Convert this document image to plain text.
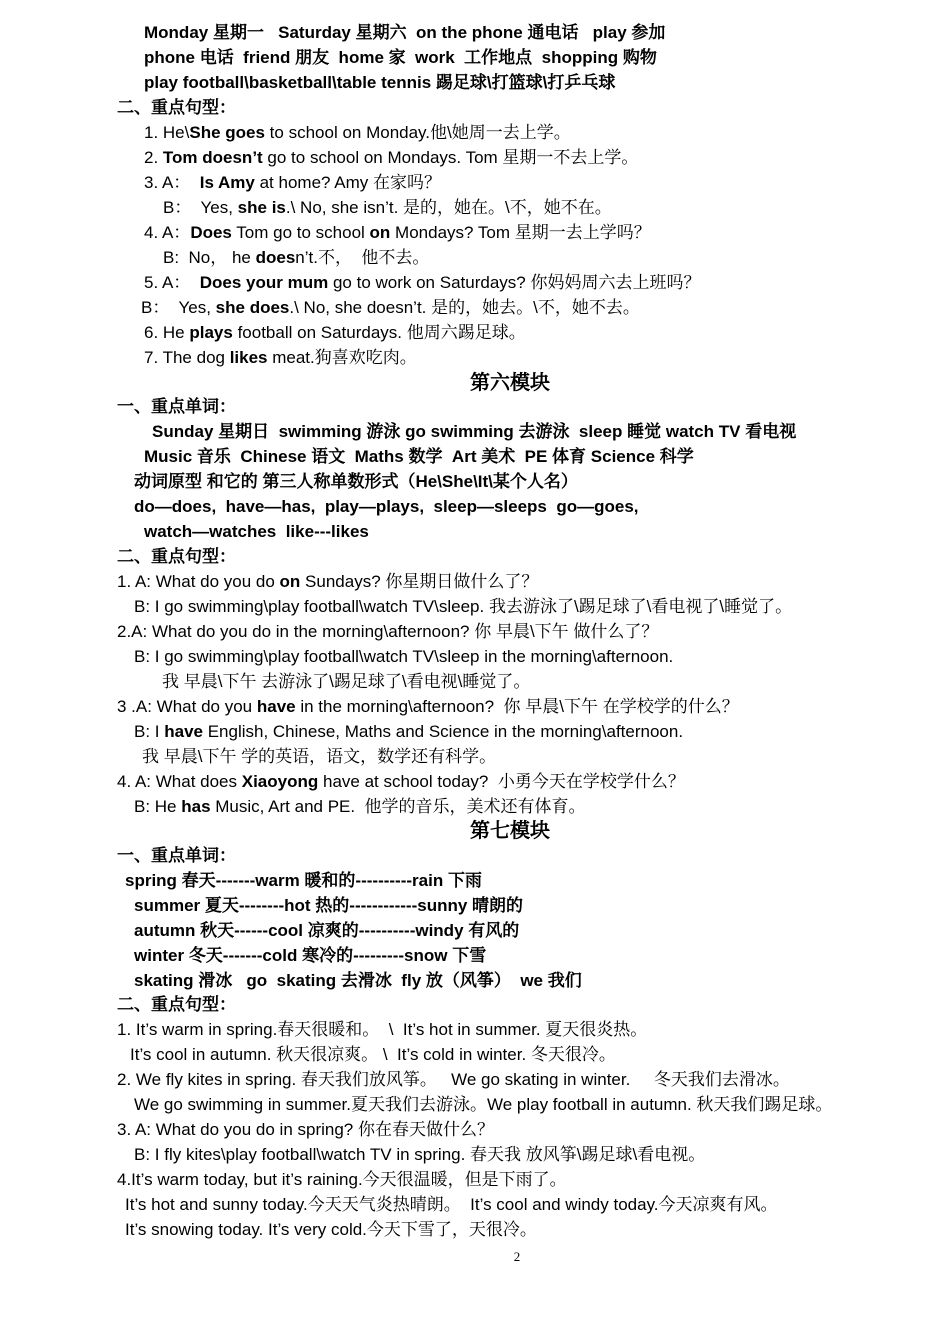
Monday 星期一   Saturday 星期六  on the phone 通电话   play 参加
phone 电话  friend 朋友  home 家  work  工作地点  shopping 购物
play football\basketball\table tennis 踢足球\打篮球\打乒乓球
二、重点句型：
1. He\She goes to school on Monday.他\她周一去上学。
2. Tom doesn’t go to school on Mondays. Tom 星期一不去上学。
3. A：  Is Amy at home? Amy 在家吗？
B：  Yes, she is.\ No, she isn’t. 是的，她在。\不，她不在。
4. A：Does Tom go to school on Mondays? Tom 星期一去上学吗？
B:  No， he doesn’t.不，  他不去。
5. A：  Does your mum go to work on Saturdays? 你妈妈周六去上班吗？
B：  Yes, she does.\ No, she doesn’t. 是的，她去。\不，她不去。
6. He plays football on Saturdays. 他周六踢足球。
7. The dog likes meat.狗喜欢吃肉。
第六模块
一、重点单词：
Sunday 星期日  swimming 游泳 go swimming 去游泳  sleep 睡觉 watch TV 看电视
Music 音乐  Chinese 语文  Maths 数学  Art 美术  PE 体育 Science 科学
动词原型 和它的 第三人称单数形式（He\She\It\某个人名）
do—does,  have—has,  play—plays,  sleep—sleeps  go—goes,
watch—watches  like---likes
二、重点句型：
1. A: What do you do on Sundays? 你星期日做什么了？
B: I go swimming\play football\watch TV\sleep. 我去游泳了\踢足球了\看电视了\睡觉了。
2.A: What do you do in the morning\afternoon? 你 早晨\下午 做什么了？
B: I go swimming\play football\watch TV\sleep in the morning\afternoon.
我 早晨\下午 去游泳了\踢足球了\看电视\睡觉了。
3 .A: What do you have in the morning\afternoon?  你 早晨\下午 在学校学的什么？
B: I have English, Chinese, Maths and Science in the morning\afternoon.
我 早晨\下午 学的英语，语文，数学还有科学。
4. A: What does Xiaoyong have at school today?  小勇今天在学校学什么？
B: He has Music, Art and PE.  他学的音乐，美术还有体育。
第七模块
一、重点单词：
spring 春天-------warm 暖和的----------rain 下雨
summer 夏天--------hot 热的------------sunny 晴朗的
autumn 秋天------cool 凉爽的----------windy 有风的
winter 冬天-------cold 寒冷的---------snow 下雪
skating 滑冰   go  skating 去滑冰  fly 放（风筝）  we 我们
二、重点句型：
1. It’s warm in spring.春天很暖和。  \  It’s hot in summer. 夏天很炎热。
It’s cool in autumn. 秋天很凉爽。 \  It’s cold in winter. 冬天很冷。
2. We fly kites in spring. 春天我们放风筝。   We go skating in winter.     冬天我们去滑冰。
We go swimming in summer.夏天我们去游泳。We play football in autumn. 秋天我们踢足球。
3. A: What do you do in spring? 你在春天做什么？
B: I fly kites\play football\watch TV in spring. 春天我 放风筝\踢足球\看电视。
4.It’s warm today, but it’s raining.今天很温暖，但是下雨了。
It’s hot and sunny today.今天天气炎热晴朗。  It’s cool and windy today.今天凉爽有风。
It’s snowing today. It’s very cold.今天下雪了，天很冷。
2
